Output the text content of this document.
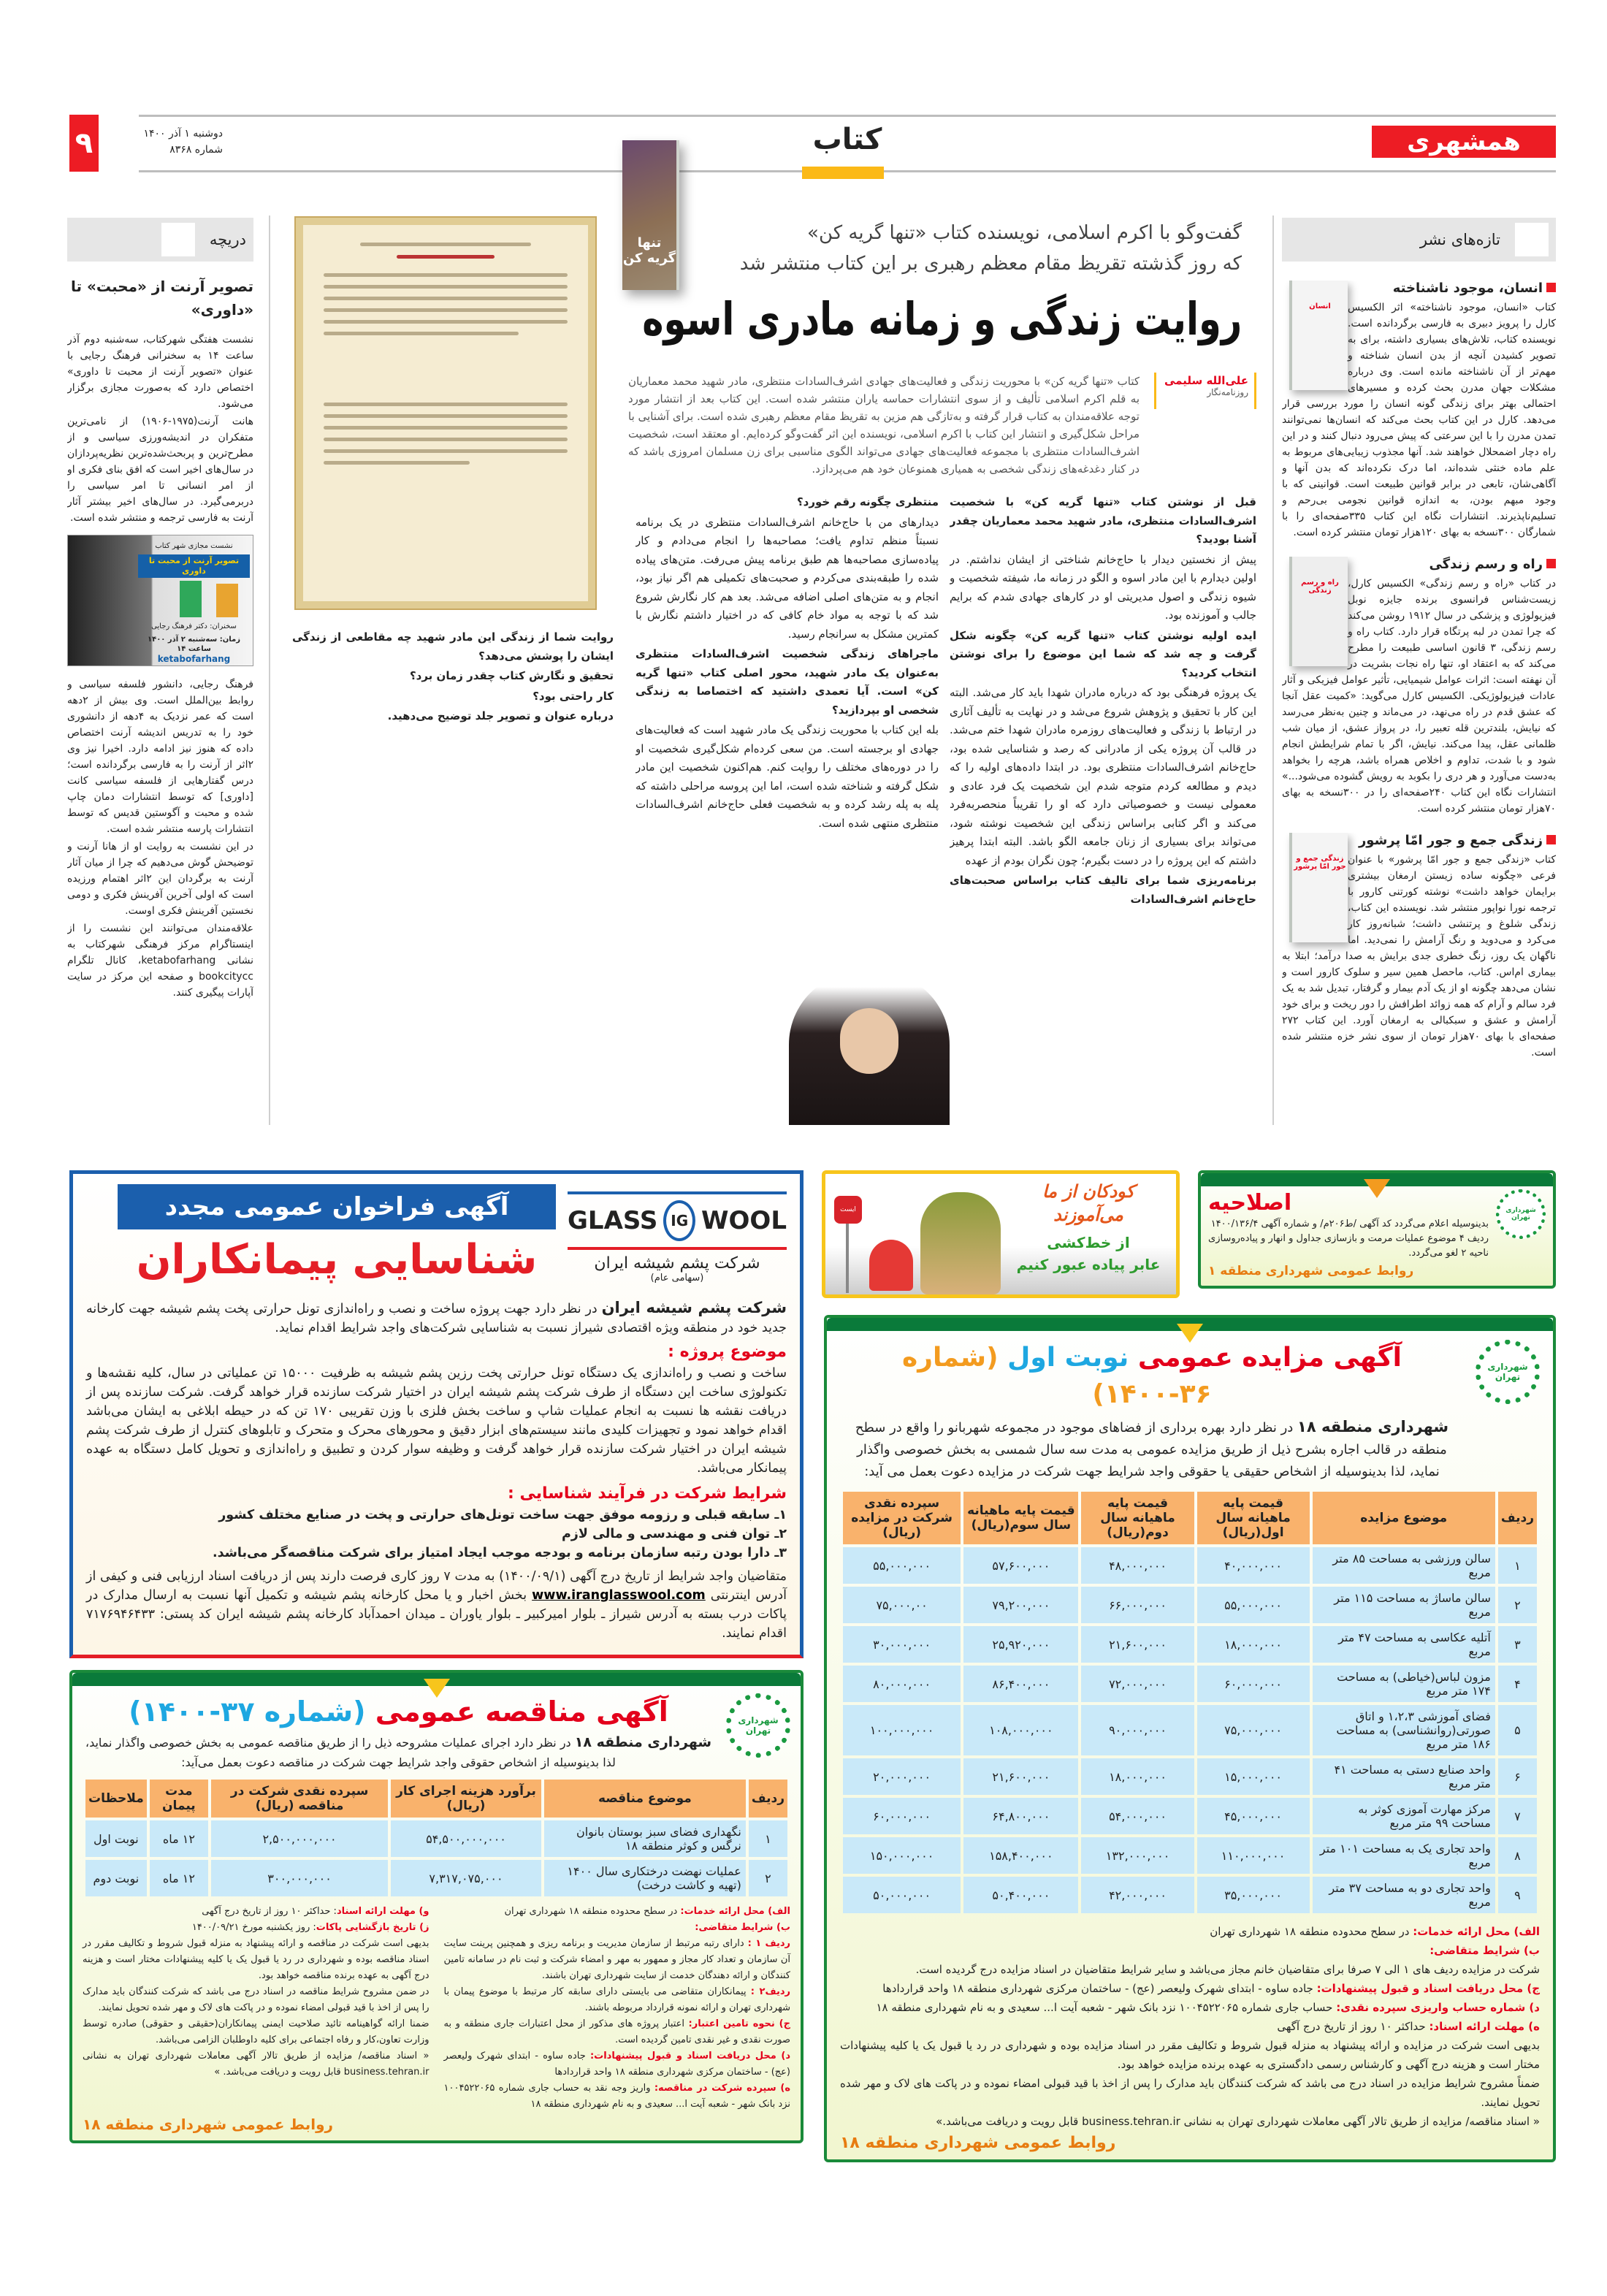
همشهری
۹	دوشنبه ۱ آذر ۱۴۰۰
شماره ۸۳۶۸	کتاب
تنها گریه کن
گفت‌وگو با اکرم اسلامی، نویسنده کتاب «تنها گریه کن»
که روز گذشته تقریظ مقام معظم رهبری بر این کتاب منتشر شد
روایت زندگی و زمانه مادری اسوه
علی‌الله سلیمی
روزنامه‌نگار
کتاب «تنها گریه کن» با محوریت زندگی و فعالیت‌های جهادی اشرف‌السادات منتظری، مادر شهید محمد معماریان به قلم اکرم اسلامی تألیف و از سوی انتشارات حماسه یاران منتشر شده است. این کتاب بعد از انتشار مورد توجه علاقه‌مندان به کتاب قرار گرفته و به‌تازگی هم مزین به تقریظ مقام معظم رهبری شده است. برای آشنایی با مراحل شکل‌گیری و انتشار این کتاب با اکرم اسلامی، نویسنده این اثر گفت‌وگو کرده‌ایم. او معتقد است، شخصیت اشرف‌السادات منتظری با مجموعه فعالیت‌های جهادی می‌تواند الگوی مناسبی برای زن مسلمان امروزی باشد که در کنار دغدغه‌های زندگی شخصی به همیاری همنوعان خود هم می‌پردازد.

قبل از نوشتن کتاب «تنها گریه کن» با شخصیت اشرف‌السادات منتظری، مادر شهید محمد معماریان چقدر آشنا بودید؟

پیش از نخستین دیدار با حاج‌خانم شناختی از ایشان نداشتم. در اولین دیدارم با این مادر اسوه و الگو در زمانه ما، شیفته شخصیت و شیوه زندگی و اصول مدیریتی او در کارهای جهادی شدم که برایم جالب و آموزنده بود.

ایده اولیه نوشتن کتاب «تنها گریه کن» چگونه شکل گرفت و چه شد که شما این موضوع را برای نوشتن انتخاب کردید؟

یک پروژه فرهنگی بود که درباره مادران شهدا باید کار می‌شد. البته این کار با تحقیق و پژوهش شروع می‌شد و در نهایت به تألیف آثاری در ارتباط با زندگی و فعالیت‌های روزمره مادران شهدا ختم می‌شد. در قالب آن پروژه یکی از مادرانی که رصد و شناسایی شده بود، حاج‌خانم اشرف‌السادات منتظری بود. در ابتدا داده‌های اولیه را که دیدم و مطالعه کردم متوجه شدم این شخصیت یک فرد عادی و معمولی نیست و خصوصیاتی دارد که او را تقریباً منحصربه‌فرد می‌کند و اگر کتابی براساس زندگی این شخصیت نوشته شود، می‌تواند برای بسیاری از زنان جامعه الگو باشد. البته ابتدا پرهیز داشتم که این پروژه را در دست بگیرم؛ چون نگران بودم از عهده

برنامه‌ریزی شما برای تالیف کتاب براساس صحبت‌های حاج‌خانم اشرف‌السادات

منتظری چگونه رقم خورد؟

دیدارهای من با حاج‌خانم اشرف‌السادات منتظری در یک برنامه نسبتاً منظم تداوم یافت؛ مصاحبه‌ها را انجام می‌دادم و کار پیاده‌سازی مصاحبه‌ها هم طبق برنامه پیش می‌رفت. متن‌های پیاده شده را طبقه‌بندی می‌کردم و صحبت‌های تکمیلی هم اگر نیاز بود، انجام و به متن‌های اصلی اضافه می‌شد. بعد هم کار نگارش شروع شد که با توجه به مواد خام کافی که در اختیار داشتم نگارش با کمترین مشکل به سرانجام رسید.

ماجراهای زندگی شخصیت اشرف‌السادات منتظری به‌عنوان یک مادر شهید، محور اصلی کتاب «تنها گریه کن» است. آیا تعمدی داشتید که اختصاصا به زندگی شخصی او بپردازید؟

بله این کتاب با محوریت زندگی یک مادر شهید است که فعالیت‌های جهادی او برجسته است. من سعی کرده‌ام شکل‌گیری شخصیت او را در دوره‌های مختلف را روایت کنم. هم‌اکنون شخصیت این مادر شکل گرفته و شناخته شده است، اما این پروسه مراحلی داشته که پله به پله رشد کرده و به شخصیت فعلی حاج‌خانم اشرف‌السادات منتظری منتهی شده است.

روایت شما از زندگی این مادر شهید چه مقاطعی از زندگی ایشان را پوشش می‌دهد؟

تحقیق و نگارش کتاب چقدر زمان برد؟

کار راحتی بود؟

درباره عنوان و تصویر جلد توضیح می‌دهید.

دریچه
تصویر آرنت از «محبت» تا «داوری»

نشست هفتگی شهرکتاب، سه‌شنبه دوم آذر ساعت ۱۴ به سخنرانی فرهنگ رجایی با عنوان «تصویر آرنت از محبت تا داوری» اختصاص دارد که به‌صورت مجازی برگزار می‌شود.

هانت آرنت(۱۹۷۵-۱۹۰۶) از نامی‌ترین متفکران در اندیشه‌ورزی سیاسی و از مطرح‌ترین و پربحث‌شده‌ترین نظریه‌پردازان در سال‌های اخیر است که افق بنای فکری او از امر انسانی تا امر سیاسی را دربرمی‌گیرد. در سال‌های اخیر بیشتر آثار آرنت به فارسی ترجمه و منتشر شده است.

نشست مجازی شهر کتاب
تصویر آرنت از محبت تا داوری
سخنران: دکتر فرهنگ رجایی
زمان: سه‌شنبه ۲ آذر ۱۴۰۰ ساعت ۱۴
ketabofarhang

فرهنگ رجایی، دانشور فلسفه سیاسی و روابط بین‌الملل است. وی بیش از ۲دهه است که عمر نزدیک به ۴دهه از دانشوری خود را به تدریس اندیشه آرنت اختصاص داده که هنوز نیز ادامه دارد. اخیرا نیز وی ۲اثر از آرنت را به فارسی برگردانده است؛ درس گفتارهایی از فلسفه سیاسی کانت [داوری] که توسط انتشارات دمان چاپ شده و محبت و آگوستین قدیس که توسط انتشارات پارسه منتشر شده است.

در این نشست به روایت او از هانا آرنت و توضیحش گوش می‌دهیم که چرا از میان آثار آرنت به برگردان این ۲اثر اهتمام ورزیده است که اولی آخرین آفرینش فکری و دومی نخستین آفرینش فکری اوست.

علاقه‌مندان می‌توانند این نشست را از اینستاگرام مرکز فرهنگی شهرکتاب به نشانی ketabofarhang، کانال تلگرام bookcitycc و صفحه این مرکز در سایت آپارات پیگیری کنند.

تازه‌های نشر
انسان
انسان، موجود ناشناخته
کتاب «انسان، موجود ناشناخته» اثر الکسیس کارل را پرویز دبیری به فارسی برگردانده است. نویسنده کتاب، تلاش‌های بسیاری داشته، برای به تصویر کشیدن آنچه از بدن انسان شناخته و مهم‌تر از آن ناشناخته مانده است. وی درباره مشکلات جهان مدرن بحث کرده و مسیرهای احتمالی بهتر برای زندگی گونه انسان را مورد بررسی قرار می‌دهد. کارل در این کتاب بحث می‌کند که انسان‌ها نمی‌توانند تمدن مدرن را با این سرعتی که پیش می‌رود دنبال کنند و در این راه دچار اضمحلال خواهند شد. آنها مجذوب زیبایی‌های مربوط به علم ماده خنثی شده‌اند، اما درک نکرده‌اند که بدن آنها و آگاهی‌شان، تابعی در برابر قوانین طبیعت است. قوانینی که با وجود مبهم بودن، به اندازه قوانین نجومی بی‌رحم و تسلیم‌ناپذیرند. انتشارات نگاه این کتاب ۳۳۵صفحه‌ای را با شمارگان ۳۰۰نسخه به بهای ۱۲۰هزار تومان منتشر کرده است.
راه و رسم زندگی
راه و رسم زندگی
در کتاب «راه و رسم زندگی» الکسیس کارل، زیست‌شناس فرانسوی برنده جایزه نوبل فیزیولوژی و پزشکی در سال ۱۹۱۲ روشن می‌کند که چرا تمدن در لبه پرتگاه قرار دارد. کتاب راه و رسم زندگی، ۳ قانون اساسی طبیعت را مطرح می‌کند که به اعتقاد او، تنها راه نجات بشریت در آن نهفته است: اثرات عوامل شیمیایی، تأثیر عوامل فیزیکی و آثار عادات فیزیولوژیکی. الکسیس کارل می‌گوید: «کمیت عقل آنجا که عشق قدم در راه می‌نهد، در می‌ماند و چنین به‌نظر می‌رسد که نیایش، بلندترین قله تعبیر را، در پرواز عشق، از میان شب ظلمانی عقل، پیدا می‌کند. نیایش، اگر با تمام شرایطش انجام شود و با شدت، تداوم و اخلاص همراه باشد، هرچه را بخواهد به‌دست می‌آورد و هر دری را بکوبد به رویش گشوده می‌شود...» انتشارات نگاه این کتاب ۲۴۰صفحه‌ای را در ۳۰۰نسخه به بهای ۷۰هزار تومان منتشر کرده است.
زندگی جمع و جور امّا پرشور
زندگی جمع و جور امّا پرشور
کتاب «زندگی جمع و جور امّا پرشور» با عنوان فرعی «چگونه ساده زیستن ارمغان بیشتری برایمان خواهد داشت» نوشته کورتنی کارور با ترجمه نورا نواپور منتشر شد. نویسنده این کتاب، زندگی شلوغ و پرتنشی داشت؛ شبانه‌روز کار می‌کرد و می‌دوید و رنگ آرامش را نمی‌دید. اما ناگهان یک روز، زنگ خطری جدی برایش به صدا درآمد؛ ابتلا به بیماری ام‌اس. کتاب، ماحصل همین سیر و سلوک کارور است و نشان می‌دهد چگونه او از یک آدم بیمار و گرفتار، تبدیل شد به یک فرد سالم و آرام که همه زوائد اطرافش را دور ریخت و برای خود آرامش و عشق و سبکبالی به ارمغان آورد. این کتاب ۲۷۲ صفحه‌ای با بهای ۷۰هزار تومان از سوی نشر خزه منتشر شده است.
GLASS IG WOOL
شرکت پشم شیشه ایران
(سهامی عام)
آگهی فراخوان عمومی مجدد
شناسایی پیمانکاران

شرکت پشم شیشه ایران در نظر دارد جهت پروژه ساخت و نصب و راه‌اندازی تونل حرارتی پخت پشم شیشه جهت کارخانه جدید خود در منطقه ویژه اقتصادی شیراز نسبت به شناسایی شرکت‌های واجد شرایط اقدام نماید.

موضوع پروژه :

ساخت و نصب و راه‌اندازی یک دستگاه تونل حرارتی پخت رزین پشم شیشه به ظرفیت ۱۵۰۰۰ تن عملیاتی در سال، کلیه نقشه‌ها و تکنولوژی ساخت این دستگاه از طرف شرکت پشم شیشه ایران در اختیار شرکت سازنده قرار خواهد گرفت. شرکت سازنده پس از دریافت نقشه ها نسبت به انجام عملیات شاپ و ساخت بخش فلزی با وزن تقریبی ۱۷۰ تن که در حیطه ابلاغی به ایشان می‌باشد اقدام خواهد نمود و تجهیزات کلیدی مانند سیستم‌های ابزار دقیق و محورهای محرک و متحرک و تابلوهای کنترل از طرف شرکت پشم شیشه ایران در اختیار شرکت سازنده قرار خواهد گرفت و وظیفه سوار کردن و تطبیق و راه‌اندازی و تحویل کامل دستگاه به عهده پیمانکار می‌باشد.

شرایط شرکت در فرآیند شناسایی :
۱ـ سابقه قبلی و رزومه موفق جهت ساخت تونل‌های حرارتی و پخت در صنایع مختلف کشور
۲ـ توان فنی و مهندسی و مالی لازم
۳ـ دارا بودن رتبه سازمان برنامه و بودجه موجب ایجاد امتیاز برای شرکت مناقصه‌گر می‌باشد.

متقاضیان واجد شرایط از تاریخ درج آگهی (۱۴۰۰/۰۹/۱) به مدت ۷ روز کاری فرصت دارند پس از دریافت اسناد ارزیابی فنی و کیفی از آدرس اینترنتی www.iranglasswool.com بخش اخبار و یا محل کارخانه پشم شیشه و تکمیل آنها نسبت به ارسال مدارک در پاکات درب بسته به آدرس شیراز ـ بلوار امیرکبیر ـ بلوار یاوران ـ میدان احمدآباد کارخانه پشم شیشه ایران کد پستی: ۷۱۷۶۹۴۶۴۳۳ اقدام نمایند.

شهرداری تهران
آگهی مناقصه عمومی (شماره ۳۷-۱۴۰۰)
شهرداری منطقه ۱۸ در نظر دارد اجرای عملیات مشروحه ذیل را از طریق مناقصه عمومی به بخش خصوصی واگذار نماید، لذا بدینوسیله از اشخاص حقوقی واجد شرایط جهت شرکت در مناقصه دعوت بعمل می‌آید:
ردیف	موضوع مناقصه	برآورد هزینه اجرای کار (ریال)	سپرده نقدی شرکت در مناقصه (ریال)	مدت پیمان	ملاحظات
۱	نگهداری فضای سبز بوستان بانوان نرگس و کوثر منطقه ۱۸	۵۴,۵۰۰,۰۰۰,۰۰۰	۲,۵۰۰,۰۰۰,۰۰۰	۱۲ ماه	نوبت اول
۲	عملیات نهضت درختکاری سال ۱۴۰۰ (تهیه و کاشت درخت)	۷,۳۱۷,۰۷۵,۰۰۰	۳۰۰,۰۰۰,۰۰۰	۱۲ ماه	نوبت دوم

الف) محل ارائه خدمات: در سطح محدوده منطقه ۱۸ شهرداری تهران

ب) شرایط متقاضی:

ردیف ۱ : دارای رتبه مرتبط از سازمان مدیریت و برنامه ریزی و همچنین پرینت سایت آن سازمان و تعداد کار مجاز و ممهور به مهر و امضاء شرکت و ثبت نام در سامانه تامین کنندگان و ارائه دهندگان خدمت از سایت شهرداری تهران باشند.

ردیف۲ : پیمانکاران متقاضی می بایستی دارای سابقه کار مرتبط با موضوع پیمان با شهرداری تهران و ارائه نمونه قرارداد مربوطه باشند.

ج) نحوه تامین اعتبار: اعتبار پروژه های مذکور از محل اعتبارات جاری منطقه و به صورت نقدی و غیر نقدی تامین گردیده است.

د) محل دریافت اسناد و قبول پیشنهادات: جاده ساوه - ابتدای شهرک ولیعصر (عج) - ساختمان مرکزی شهرداری منطقه ۱۸ واحد قراردادها

ه) سپرده شرکت در مناقصه: واریز وجه نقد به حساب جاری شماره ۱۰۰۴۵۲۲۰۶۵ نزد بانک شهر - شعبه آیت ا... سعیدی و به نام شهرداری منطقه ۱۸

و) مهلت ارائه اسناد: حداکثر ۱۰ روز از تاریخ درج آگهی

ز) تاریخ بازگشایی پاکات: روز یکشنبه مورخ ۱۴۰۰/۰۹/۲۱

بدیهی است شرکت در مناقصه و ارائه پیشنهاد به منزله قبول شروط و تکالیف مقرر در اسناد مناقصه بوده و شهرداری در رد یا قبول یک یا کلیه پیشنهادات مختار است و هزینه درج آگهی به عهده برنده مناقصه خواهد بود.

در ضمن مشروح شرایط مناقصه در اسناد درج می باشد که شرکت کنندگان باید مدارک را پس از اخذ با قید قبولی امضاء نموده و در پاکت های لاک و مهر شده تحویل نمایند.

ضمنا ارائه گواهینامه تائید صلاحیت ایمنی پیمانکاران(حقیقی و حقوقی) صادره توسط وزارت تعاون،کار و رفاه اجتماعی برای کلیه داوطلبان الزامی می‌باشد.

« اسناد مناقصه/ مزایده از طریق تالار آگهی معاملات شهرداری تهران به نشانی business.tehran.ir قابل رویت و دریافت می‌باشد. »

روابط عمومی شهرداری منطقه ۱۸
ایست
کودکان از ما می‌آموزند
از خط‌کشی
عابر پیاده عبور کنیم
شهرداری تهران
اصلاحیه
بدینوسیله اعلام می‌گردد کد آگهی /ط۲۰۶م/ و شماره آگهی ۱۴۰۰/۱۳۶/۴ ردیف ۴ موضوع عملیات مرمت و بازسازی جداول و انهار و پیاده‌روسازی ناحیه ۲ لغو می‌گردد.
روابط عمومی شهرداری منطقه ۱
شهرداری تهران
آگهی مزایده عمومی نوبت اول (شماره ۳۶-۱۴۰۰)
شهرداری منطقه ۱۸ در نظر دارد بهره برداری از فضاهای موجود در مجموعه شهربانو را واقع در سطح منطقه در قالب اجاره بشرح ذیل از طریق مزایده عمومی به مدت سه سال شمسی به بخش خصوصی واگذار نماید، لذا بدینوسیله از اشخاص حقیقی یا حقوقی واجد شرایط جهت شرکت در مزایده دعوت بعمل می آید:
ردیف	موضوع مزایده	قیمت پایه ماهیانه سال اول(ریال)	قیمت پایه ماهیانه سال دوم(ریال)	قیمت پایه ماهیانه سال سوم(ریال)	سپرده نقدی شرکت در مزایده (ریال)
۱	سالن ورزشی به مساحت ۸۵ متر مربع	۴۰,۰۰۰,۰۰۰	۴۸,۰۰۰,۰۰۰	۵۷,۶۰۰,۰۰۰	۵۵,۰۰۰,۰۰۰
۲	سالن ماساژ به مساحت ۱۱۵ متر مربع	۵۵,۰۰۰,۰۰۰	۶۶,۰۰۰,۰۰۰	۷۹,۲۰۰,۰۰۰	۷۵,۰۰۰,۰۰
۳	آتلیه عکاسی به مساحت ۴۷ متر مربع	۱۸,۰۰۰,۰۰۰	۲۱,۶۰۰,۰۰۰	۲۵,۹۲۰,۰۰۰	۳۰,۰۰۰,۰۰۰
۴	مزون لباس(خیاطی) به مساحت ۱۷۴ متر مربع	۶۰,۰۰۰,۰۰۰	۷۲,۰۰۰,۰۰۰	۸۶,۴۰۰,۰۰۰	۸۰,۰۰۰,۰۰۰
۵	فضای آموزشی ۱،۲،۳ و اتاق صورتی(روانشناسی) به مساحت ۱۸۶ متر مربع	۷۵,۰۰۰,۰۰۰	۹۰,۰۰۰,۰۰۰	۱۰۸,۰۰۰,۰۰۰	۱۰۰,۰۰۰,۰۰۰
۶	واحد صنایع دستی به مساحت ۴۱ متر مربع	۱۵,۰۰۰,۰۰۰	۱۸,۰۰۰,۰۰۰	۲۱,۶۰۰,۰۰۰	۲۰,۰۰۰,۰۰۰
۷	مرکز مهارت آموزی کوثر به مساحت ۹۹ متر مربع	۴۵,۰۰۰,۰۰۰	۵۴,۰۰۰,۰۰۰	۶۴,۸۰۰,۰۰۰	۶۰,۰۰۰,۰۰۰
۸	واحد تجاری یک به مساحت ۱۰۱ متر مربع	۱۱۰,۰۰۰,۰۰۰	۱۳۲,۰۰۰,۰۰۰	۱۵۸,۴۰۰,۰۰۰	۱۵۰,۰۰۰,۰۰۰
۹	واحد تجاری دو به مساحت ۳۷ متر مربع	۳۵,۰۰۰,۰۰۰	۴۲,۰۰۰,۰۰۰	۵۰,۴۰۰,۰۰۰	۵۰,۰۰۰,۰۰۰

الف) محل ارائه خدمات: در سطح محدوده منطقه ۱۸ شهرداری تهران

ب) شرایط متقاضی:

شرکت در مزایده ردیف های ۱ الی ۷ صرفا برای متقاضیان خانم مجاز می‌باشد و سایر شرایط متقاضیان در اسناد مزایده درج گردیده است.

ج) محل دریافت اسناد و قبول پیشنهادات: جاده ساوه - ابتدای شهرک ولیعصر (عج) - ساختمان مرکزی شهرداری منطقه ۱۸ واحد قراردادها

د) شماره حساب واریزی سپرده نقدی: حساب جاری شماره ۱۰۰۴۵۲۲۰۶۵ نزد بانک شهر - شعبه آیت ا... سعیدی و به نام شهرداری منطقه ۱۸

ه) مهلت ارائه اسناد: حداکثر ۱۰ روز از تاریخ درج آگهی

بدیهی است شرکت در مزایده و ارائه پیشنهاد به منزله قبول شروط و تکالیف مقرر در اسناد مزایده بوده و شهرداری در رد یا قبول یک یا کلیه پیشنهادات مختار است و هزینه درج آگهی و کارشناس رسمی دادگستری به عهده برنده مزایده خواهد بود.

ضمناً مشروح شرایط مزایده در اسناد درج می باشد که شرکت کنندگان باید مدارک را پس از اخذ با قید قبولی امضاء نموده و در پاکت های لاک و مهر شده تحویل نمایند.

« اسناد مناقصه/ مزایده از طریق تالار آگهی معاملات شهرداری تهران به نشانی business.tehran.ir قابل رویت و دریافت می‌باشد.»

روابط عمومی شهرداری منطقه ۱۸
